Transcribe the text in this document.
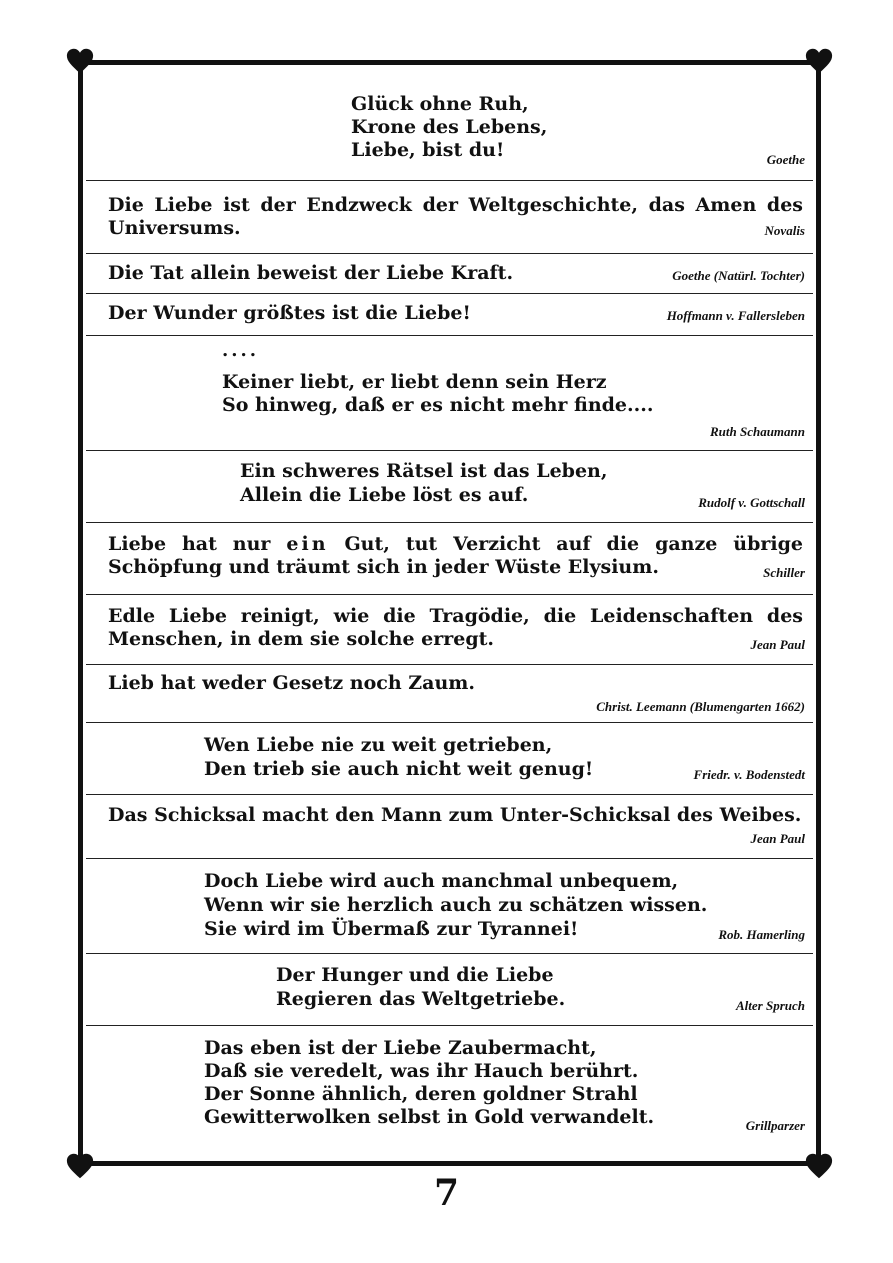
Glück ohne Ruh,
Krone des Lebens,
Liebe, bist du!	Goethe
Die Liebe ist der Endzweck der Weltgeschichte, das Amen des Universums.	Novalis
Die Tat allein beweist der Liebe Kraft.	Goethe (Natürl. Tochter)
Der Wunder größtes ist die Liebe!	Hoffmann v. Fallersleben
....
Keiner liebt, er liebt denn sein Herz
So hinweg, daß er es nicht mehr finde....
Ruth Schaumann
Ein schweres Rätsel ist das Leben,
Allein die Liebe löst es auf.	Rudolf v. Gottschall
Liebe hat nur ein Gut, tut Verzicht auf die ganze übrige Schöpfung und träumt sich in jeder Wüste Elysium.	Schiller
Edle Liebe reinigt, wie die Tragödie, die Leidenschaften des Menschen, in dem sie solche erregt.	Jean Paul
Lieb hat weder Gesetz noch Zaum.
Christ. Leemann (Blumengarten 1662)
Wen Liebe nie zu weit getrieben,
Den trieb sie auch nicht weit genug!	Friedr. v. Bodenstedt
Das Schicksal macht den Mann zum Unter-Schicksal des Weibes.
Jean Paul
Doch Liebe wird auch manchmal unbequem,
Wenn wir sie herzlich auch zu schätzen wissen.
Sie wird im Übermaß zur Tyrannei!	Rob. Hamerling
Der Hunger und die Liebe
Regieren das Weltgetriebe.	Alter Spruch
Das eben ist der Liebe Zaubermacht,
Daß sie veredelt, was ihr Hauch berührt.
Der Sonne ähnlich, deren goldner Strahl
Gewitterwolken selbst in Gold verwandelt.	Grillparzer
7
